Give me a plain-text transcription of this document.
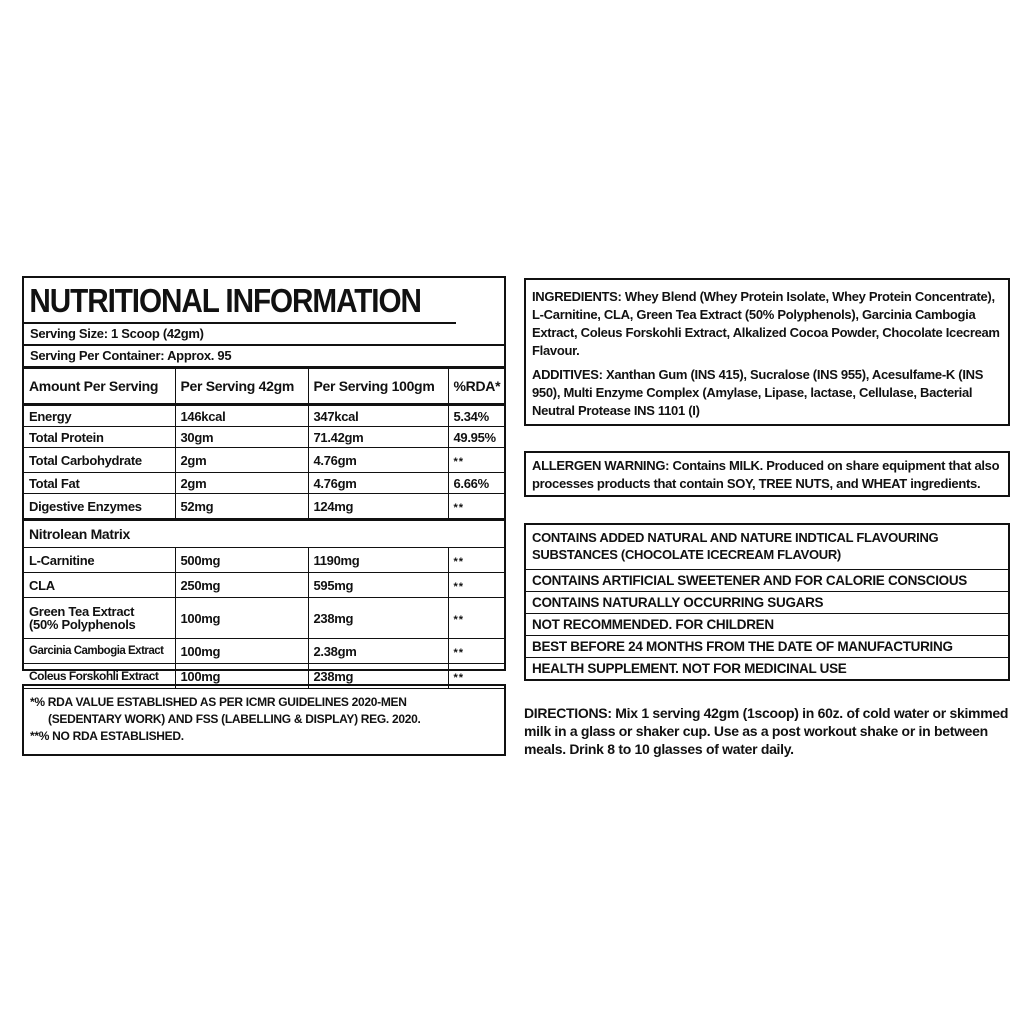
NUTRITIONAL INFORMATION
Serving Size: 1 Scoop (42gm)
Serving Per Container: Approx. 95
Amount Per Serving	Per Serving 42gm	Per Serving 100gm	%RDA*
Energy	146kcal	347kcal	5.34%
Total Protein	30gm	71.42gm	49.95%
Total Carbohydrate	2gm	4.76gm	**
Total Fat	2gm	4.76gm	6.66%
Digestive Enzymes	52mg	124mg	**
Nitrolean Matrix			
L-Carnitine	500mg	1190mg	**
CLA	250mg	595mg	**

Green Tea Extract
(50% Polyphenols	100mg	238mg	**
Garcinia Cambogia Extract	100mg	2.38gm	**
Coleus Forskohli Extract	100mg	238mg	**
*% RDA VALUE ESTABLISHED AS PER ICMR GUIDELINES 2020-MEN
(SEDENTARY WORK) AND FSS (LABELLING & DISPLAY) REG. 2020.
**% NO RDA ESTABLISHED.

INGREDIENTS: Whey Blend (Whey Protein Isolate, Whey Protein Concentrate), L-Carnitine, CLA, Green Tea Extract (50% Polyphenols), Garcinia Cambogia Extract, Coleus Forskohli Extract, Alkalized Cocoa Powder, Chocolate Icecream Flavour.

ADDITIVES: Xanthan Gum (INS 415), Sucralose (INS 955), Acesulfame-K (INS 950), Multi Enzyme Complex (Amylase, Lipase, lactase, Cellulase, Bacterial Neutral Protease INS 1101 (I)

ALLERGEN WARNING: Contains MILK. Produced on share equipment that also processes products that contain SOY, TREE NUTS, and WHEAT ingredients.
CONTAINS ADDED NATURAL AND NATURE INDTICAL FLAVOURING SUBSTANCES (CHOCOLATE ICECREAM FLAVOUR)
CONTAINS ARTIFICIAL SWEETENER AND FOR CALORIE CONSCIOUS
CONTAINS NATURALLY OCCURRING SUGARS
NOT RECOMMENDED. FOR CHILDREN
BEST BEFORE 24 MONTHS FROM THE DATE OF MANUFACTURING
HEALTH SUPPLEMENT. NOT FOR MEDICINAL USE
DIRECTIONS: Mix 1 serving 42gm (1scoop) in 60z. of cold water or skimmed milk in a glass or shaker cup. Use as a post workout shake or in between meals. Drink 8 to 10 glasses of water daily.
